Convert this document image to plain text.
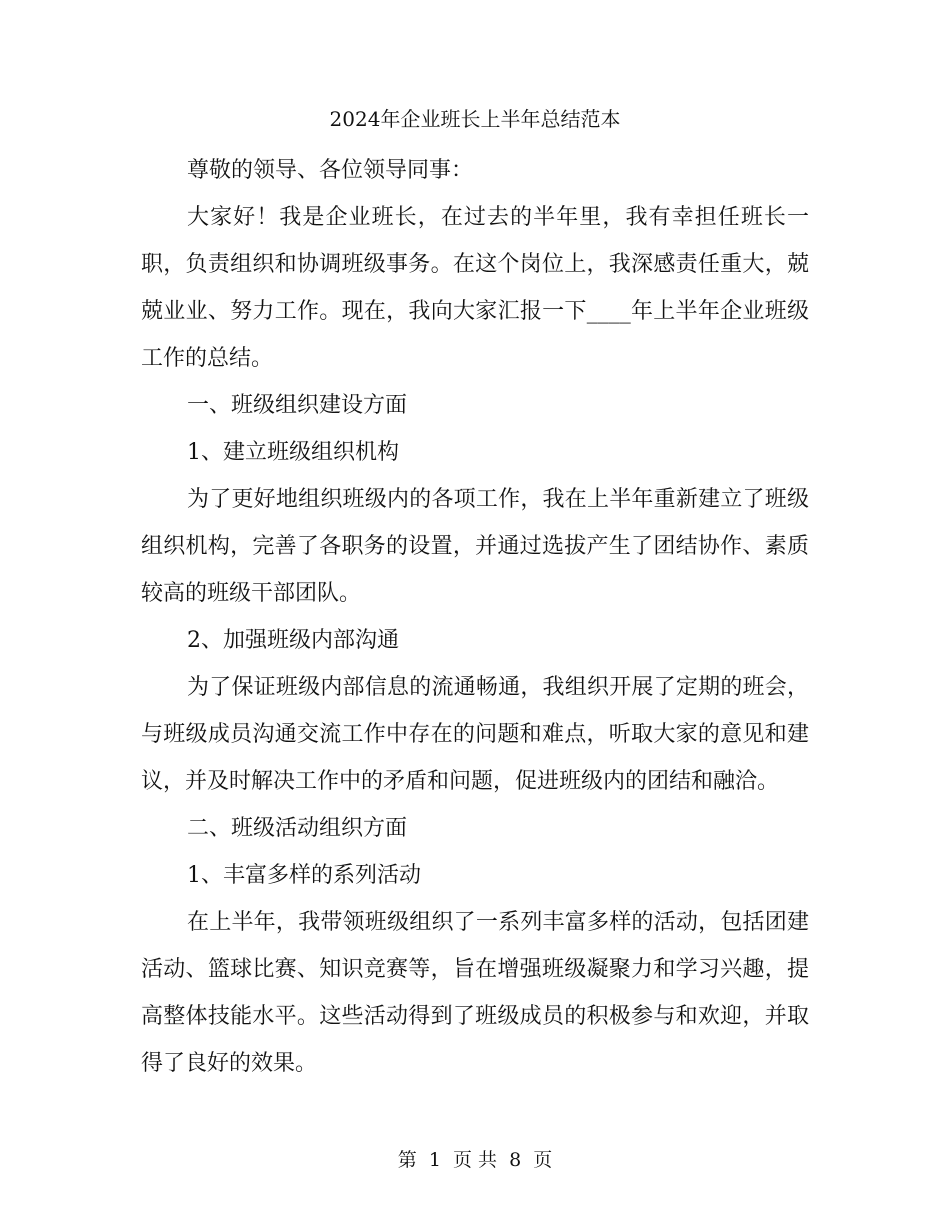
2024年企业班长上半年总结范本

尊敬的领导、各位领导同事：

大家好！我是企业班长，在过去的半年里，我有幸担任班长一职，负责组织和协调班级事务。在这个岗位上，我深感责任重大，兢兢业业、努力工作。现在，我向大家汇报一下____年上半年企业班级工作的总结。

一、班级组织建设方面

1、建立班级组织机构

为了更好地组织班级内的各项工作，我在上半年重新建立了班级组织机构，完善了各职务的设置，并通过选拔产生了团结协作、素质较高的班级干部团队。

2、加强班级内部沟通

为了保证班级内部信息的流通畅通，我组织开展了定期的班会，与班级成员沟通交流工作中存在的问题和难点，听取大家的意见和建议，并及时解决工作中的矛盾和问题，促进班级内的团结和融洽。

二、班级活动组织方面

1、丰富多样的系列活动

在上半年，我带领班级组织了一系列丰富多样的活动，包括团建活动、篮球比赛、知识竞赛等，旨在增强班级凝聚力和学习兴趣，提高整体技能水平。这些活动得到了班级成员的积极参与和欢迎，并取得了良好的效果。

第 1 页 共 8 页
